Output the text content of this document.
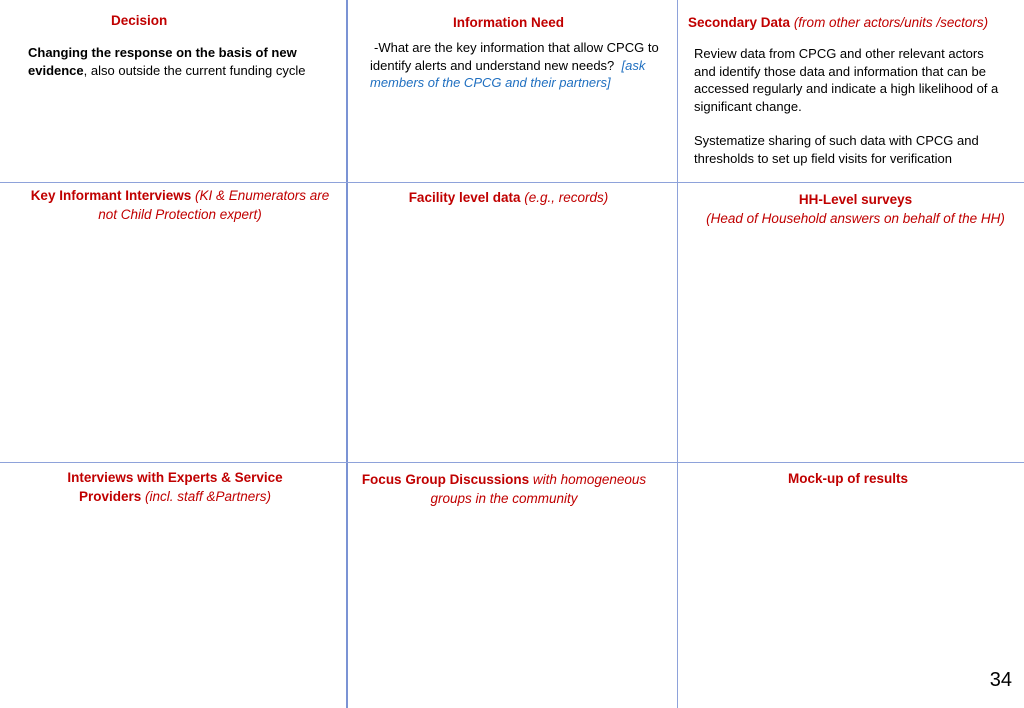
Decision
Changing the response on the basis of new evidence, also outside the current funding cycle
Information Need
-What are the key information that allow CPCG to identify alerts and understand new needs? [ask members of the CPCG and their partners]
Secondary Data (from other actors/units /sectors)
Review data from CPCG and other relevant actors and identify those data and information that can be accessed regularly and indicate a high likelihood of a significant change.
Systematize sharing of such data with CPCG and thresholds to set up field visits for verification
Key Informant Interviews (KI & Enumerators are not Child Protection expert)
Facility level data (e.g., records)	HH-Level surveys
(Head of Household answers on behalf of the HH)
Interviews with Experts & Service Providers (incl. staff &Partners)
Focus Group Discussions with homogeneous groups in the community
Mock-up of results
34
